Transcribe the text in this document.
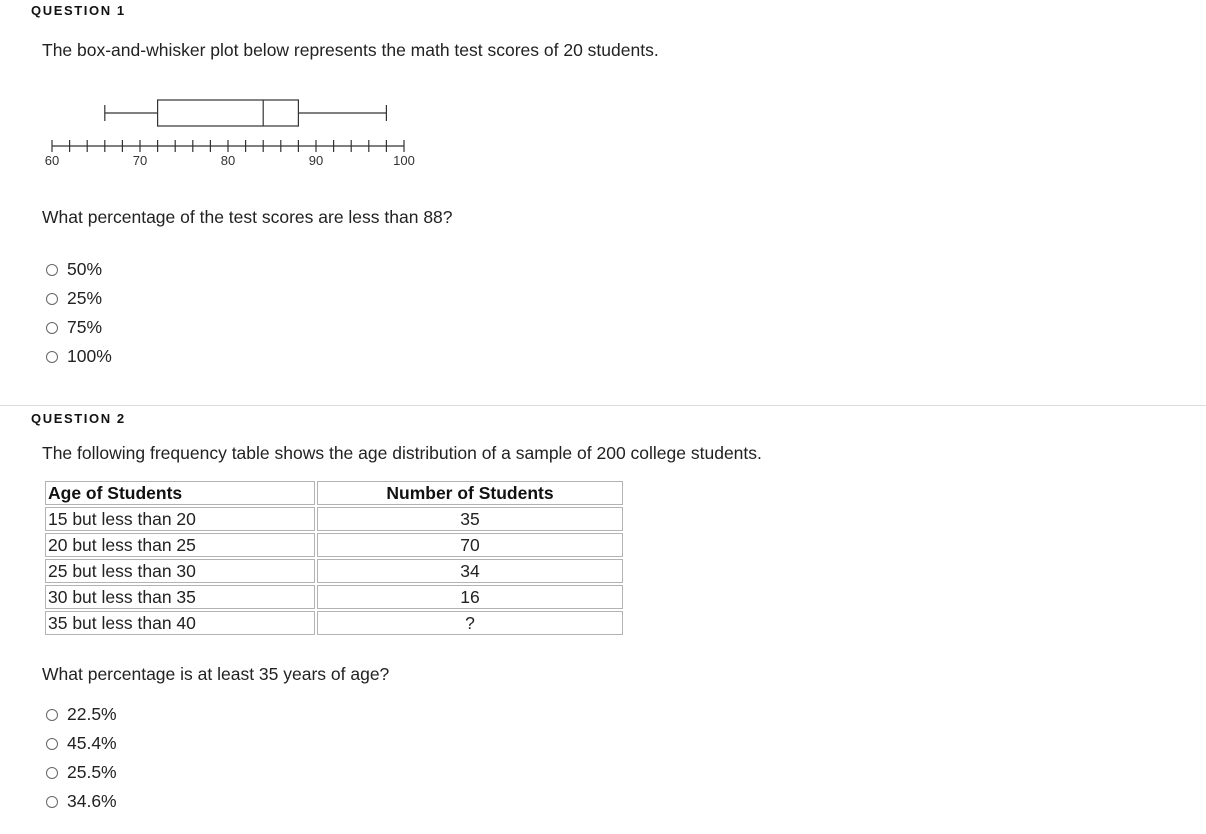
QUESTION 1
The box-and-whisker plot below represents the math test scores of 20 students.
60	70	80	90	100
What percentage of the test scores are less than 88?
50%
25%
75%
100%
QUESTION 2
The following frequency table shows the age distribution of a sample of 200 college students.
Age of Students	Number of Students
15 but less than 20	35
20 but less than 25	70
25 but less than 30	34
30 but less than 35	16
35 but less than 40	?
What percentage is at least 35 years of age?
22.5%
45.4%
25.5%
34.6%
